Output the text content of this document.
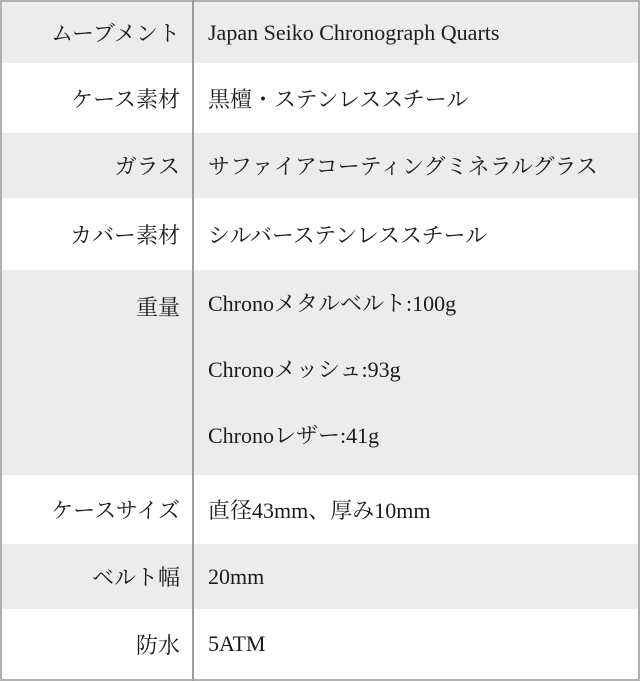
ムーブメント	Japan Seiko Chronograph Quarts
ケース素材	黒檀・ステンレススチール
ガラス	サファイアコーティングミネラルグラス
カバー素材	シルバーステンレススチール
重量	Chronoメタルベルト:100g
Chronoメッシュ:93g
Chronoレザー:41g

ケースサイズ	直径43mm、厚み10mm
ベルト幅	20mm
防水	5ATM
